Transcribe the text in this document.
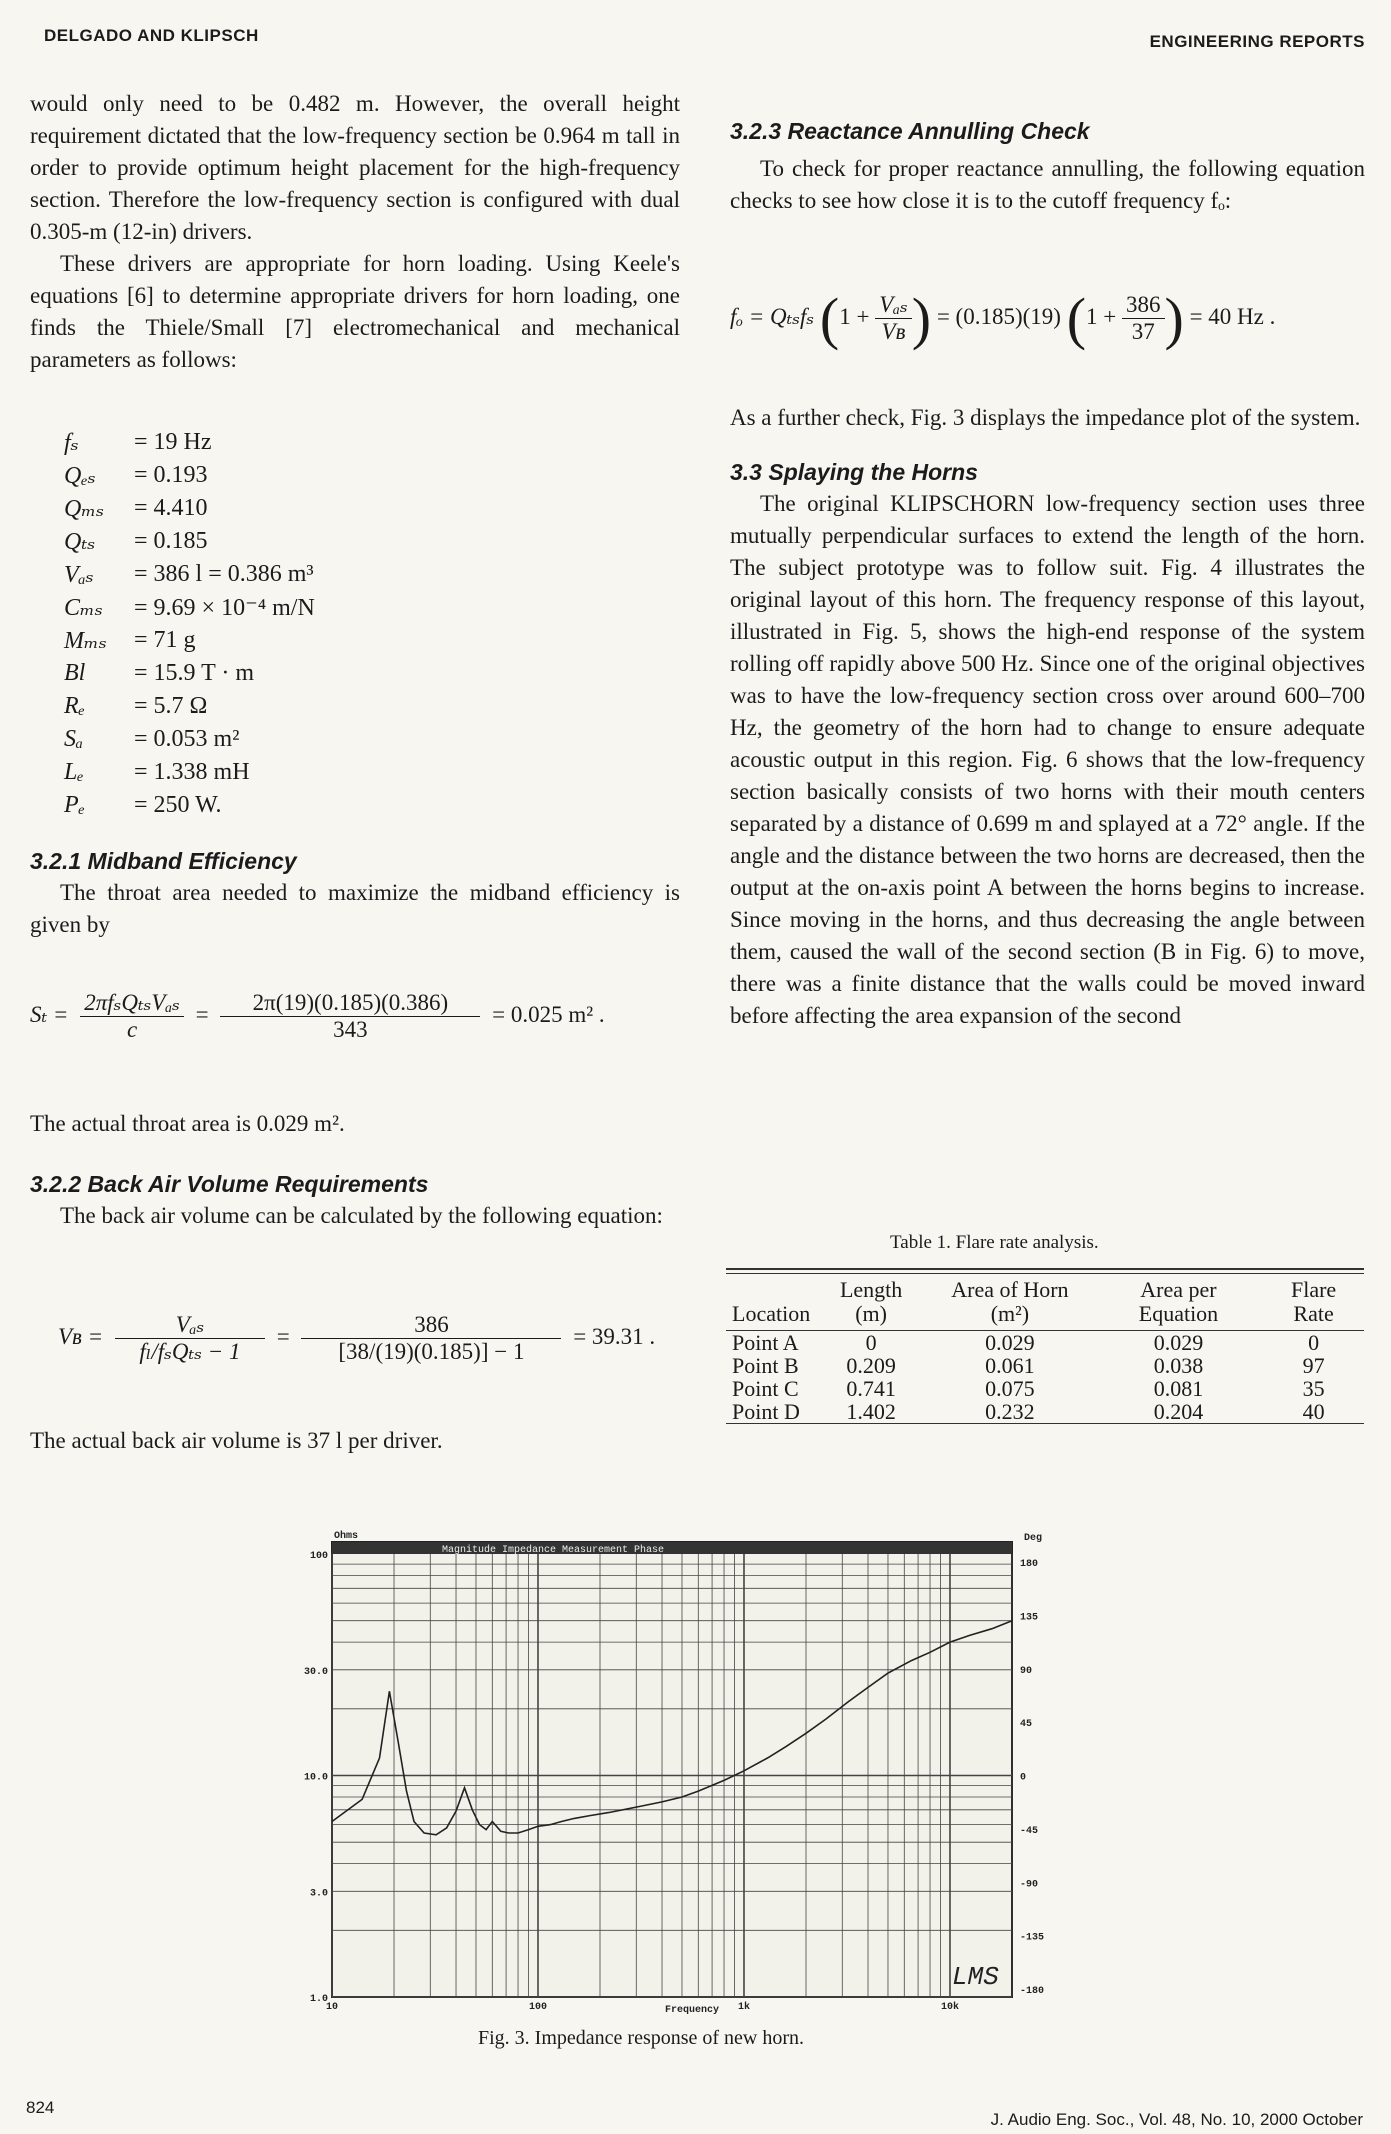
DELGADO AND KLIPSCH	ENGINEERING REPORTS

would only need to be 0.482 m. However, the overall height requirement dictated that the low-frequency section be 0.964 m tall in order to provide optimum height placement for the high-frequency section. Therefore the low-frequency section is configured with dual 0.305-m (12-in) drivers.

These drivers are appropriate for horn loading. Using Keele's equations [6] to determine appropriate drivers for horn loading, one finds the Thiele/Small [7] electromechanical and mechanical parameters as follows:

fₛ	= 19 Hz
Qₑₛ	= 0.193
Qₘₛ	= 4.410
Qₜₛ	= 0.185
Vₐₛ	= 386 l = 0.386 m³
Cₘₛ	= 9.69 × 10⁻⁴ m/N
Mₘₛ	= 71 g
Bl	= 15.9 T · m
Rₑ	= 5.7 Ω
Sₐ	= 0.053 m²
Lₑ	= 1.338 mH
Pₑ	= 250 W.

3.2.1 Midband Efficiency

The throat area needed to maximize the midband efficiency is given by

$S_t = \frac{\text{2πfₛQₜₛVₐₛ}}{c} = \frac{2\pi(19)(0.185)(0.386)}{343} = 0.025$ m² .

The actual throat area is 0.029 m².

3.2.2 Back Air Volume Requirements

The back air volume can be calculated by the following equation:

Vʙ = $\frac{\text{Vₐₛ}}{\text{fₗ/fₛQₜₛ − 1}} = \frac{386}{[38/(19)(0.185)] - 1} = 39.31$ .

The actual back air volume is 37 l per driver.

3.2.3 Reactance Annulling Check

To check for proper reactance annulling, the following equation checks to see how close it is to the cutoff frequency fₒ:

fₒ = Qₜₛfₛ ($1 + \frac{\text{Vₐₛ}}{\text{Vʙ}}$ ) = (0.185)(19) ($1 + \frac{386}{37}$ ) = 40 Hz .

As a further check, Fig. 3 displays the impedance plot of the system.

3.3 Splaying the Horns

The original KLIPSCHORN low-frequency section uses three mutually perpendicular surfaces to extend the length of the horn. The subject prototype was to follow suit. Fig. 4 illustrates the original layout of this horn. The frequency response of this layout, illustrated in Fig. 5, shows the high-end response of the system rolling off rapidly above 500 Hz. Since one of the original objectives was to have the low-frequency section cross over around 600–700 Hz, the geometry of the horn had to change to ensure adequate acoustic output in this region. Fig. 6 shows that the low-frequency section basically consists of two horns with their mouth centers separated by a distance of 0.699 m and splayed at a 72° angle. If the angle and the distance between the two horns are decreased, then the output at the on-axis point A between the horns begins to increase. Since moving in the horns, and thus decreasing the angle between them, caused the wall of the second section (B in Fig. 6) to move, there was a finite distance that the walls could be moved inward before affecting the area expansion of the second

Table 1. Flare rate analysis.
Location	Length (m)	Area of Horn (m²)	Area per Equation	Flare Rate
Point A	0	0.029	0.029	0
Point B	0.209	0.061	0.038	97
Point C	0.741	0.075	0.081	35
Point D	1.402	0.232	0.204	40
Magnitude Impedance Measurement Phase
Ohms	Deg
100
30.0
10.0
3.0
1.0
180
135
90
45
0
-45
-90
-135
-180
10	100	1k	10k
Frequency
LMS
Fig. 3. Impedance response of new horn.
824
J. Audio Eng. Soc., Vol. 48, No. 10, 2000 October
